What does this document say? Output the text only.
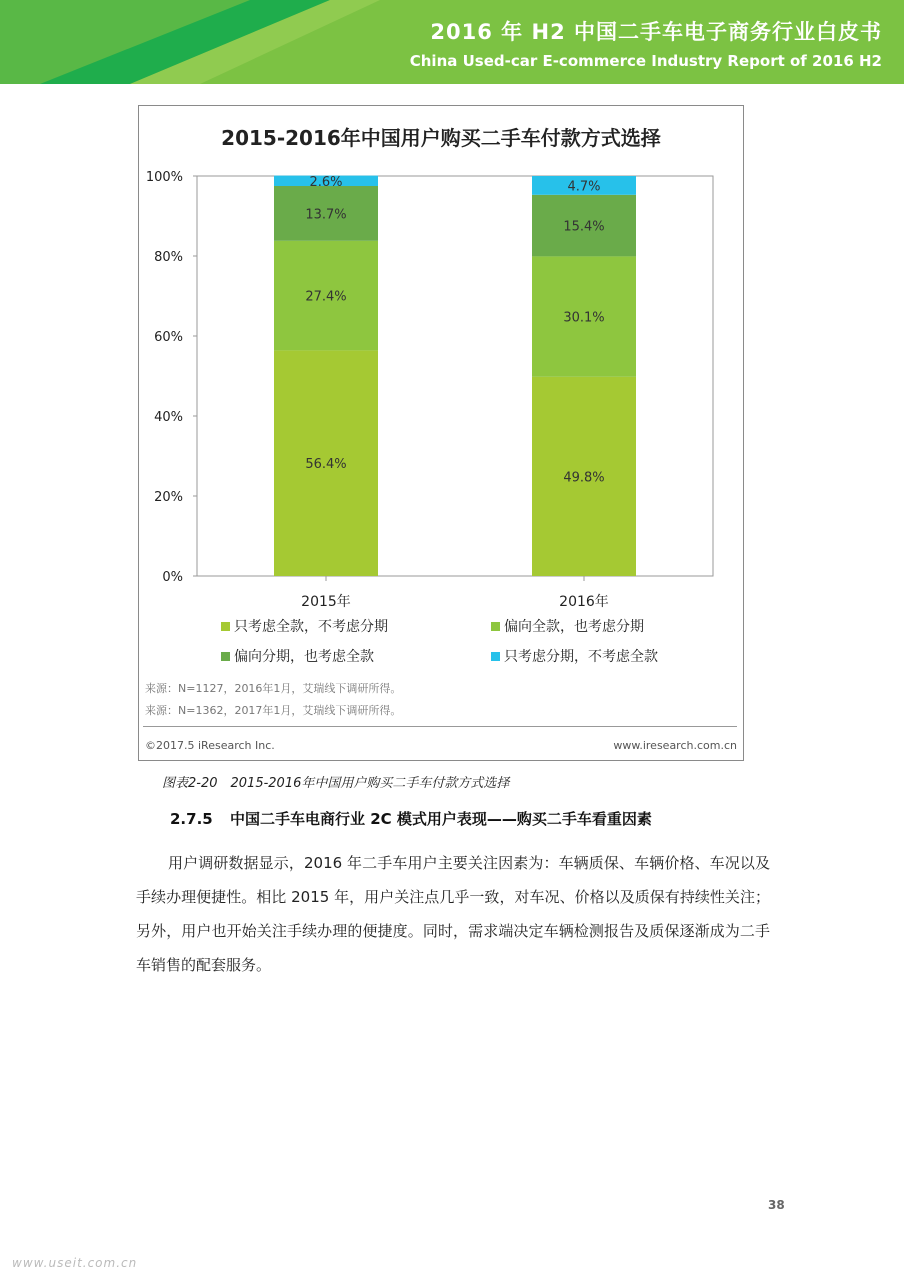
2016 年 H2 中国二手车电子商务行业白皮书
China Used-car E-commerce Industry Report of 2016 H2
2015-2016年中国用户购买二手车付款方式选择
0%
20%
40%
60%
80%
100%
56.4%
27.4%
13.7%
2.6%
2015年
49.8%
30.1%
15.4%
4.7%
2016年
只考虑全款，不考虑分期	偏向全款，也考虑分期
偏向分期，也考虑全款	只考虑分期，不考虑全款
来源：N=1127，2016年1月，艾瑞线下调研所得。
来源：N=1362，2017年1月，艾瑞线下调研所得。
©2017.5 iResearch Inc.	www.iresearch.com.cn
图表2-20　2015-2016年中国用户购买二手车付款方式选择
2.7.5 中国二手车电商行业 2C 模式用户表现——购买二手车看重因素

用户调研数据显示，2016 年二手车用户主要关注因素为：车辆质保、车辆价格、车况以及手续办理便捷性。相比 2015 年，用户关注点几乎一致，对车况、价格以及质保有持续性关注；另外，用户也开始关注手续办理的便捷度。同时，需求端决定车辆检测报告及质保逐渐成为二手车销售的配套服务。

38
www.useit.com.cn
